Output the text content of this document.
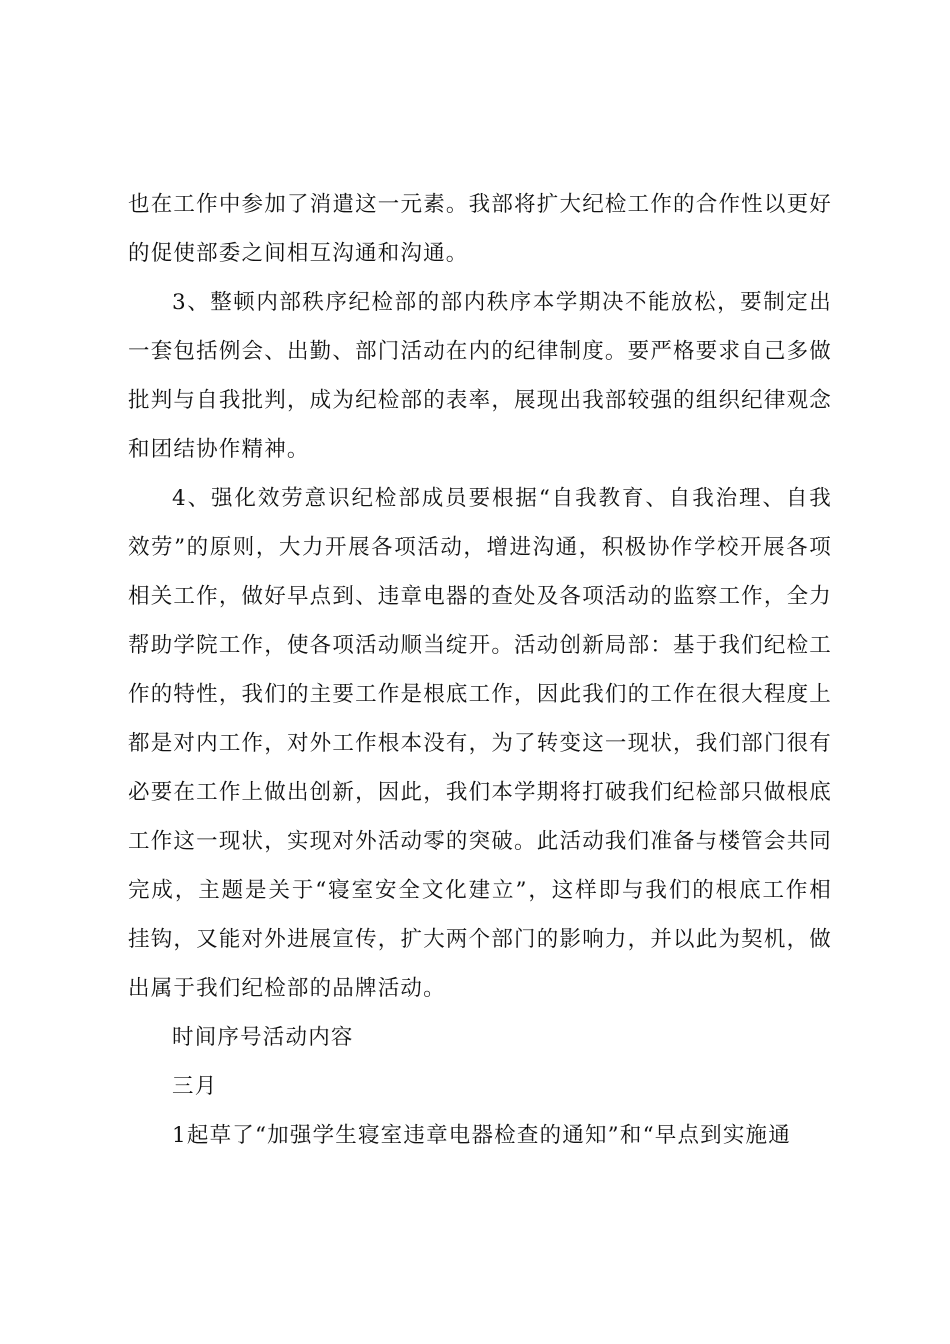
也在工作中参加了消遣这一元素。我部将扩大纪检工作的合作性以更好的促使部委之间相互沟通和沟通。

3、整顿内部秩序纪检部的部内秩序本学期决不能放松，要制定出一套包括例会、出勤、部门活动在内的纪律制度。要严格要求自己多做批判与自我批判，成为纪检部的表率，展现出我部较强的组织纪律观念和团结协作精神。

4、强化效劳意识纪检部成员要根据“自我教育、自我治理、自我效劳”的原则，大力开展各项活动，增进沟通，积极协作学校开展各项相关工作，做好早点到、违章电器的查处及各项活动的监察工作，全力帮助学院工作，使各项活动顺当绽开。活动创新局部：基于我们纪检工作的特性，我们的主要工作是根底工作，因此我们的工作在很大程度上都是对内工作，对外工作根本没有，为了转变这一现状，我们部门很有必要在工作上做出创新，因此，我们本学期将打破我们纪检部只做根底工作这一现状，实现对外活动零的突破。此活动我们准备与楼管会共同完成，主题是关于“寝室安全文化建立”，这样即与我们的根底工作相挂钩，又能对外进展宣传，扩大两个部门的影响力，并以此为契机，做出属于我们纪检部的品牌活动。

时间序号活动内容

三月

1起草了“加强学生寝室违章电器检查的通知”和“早点到实施通
